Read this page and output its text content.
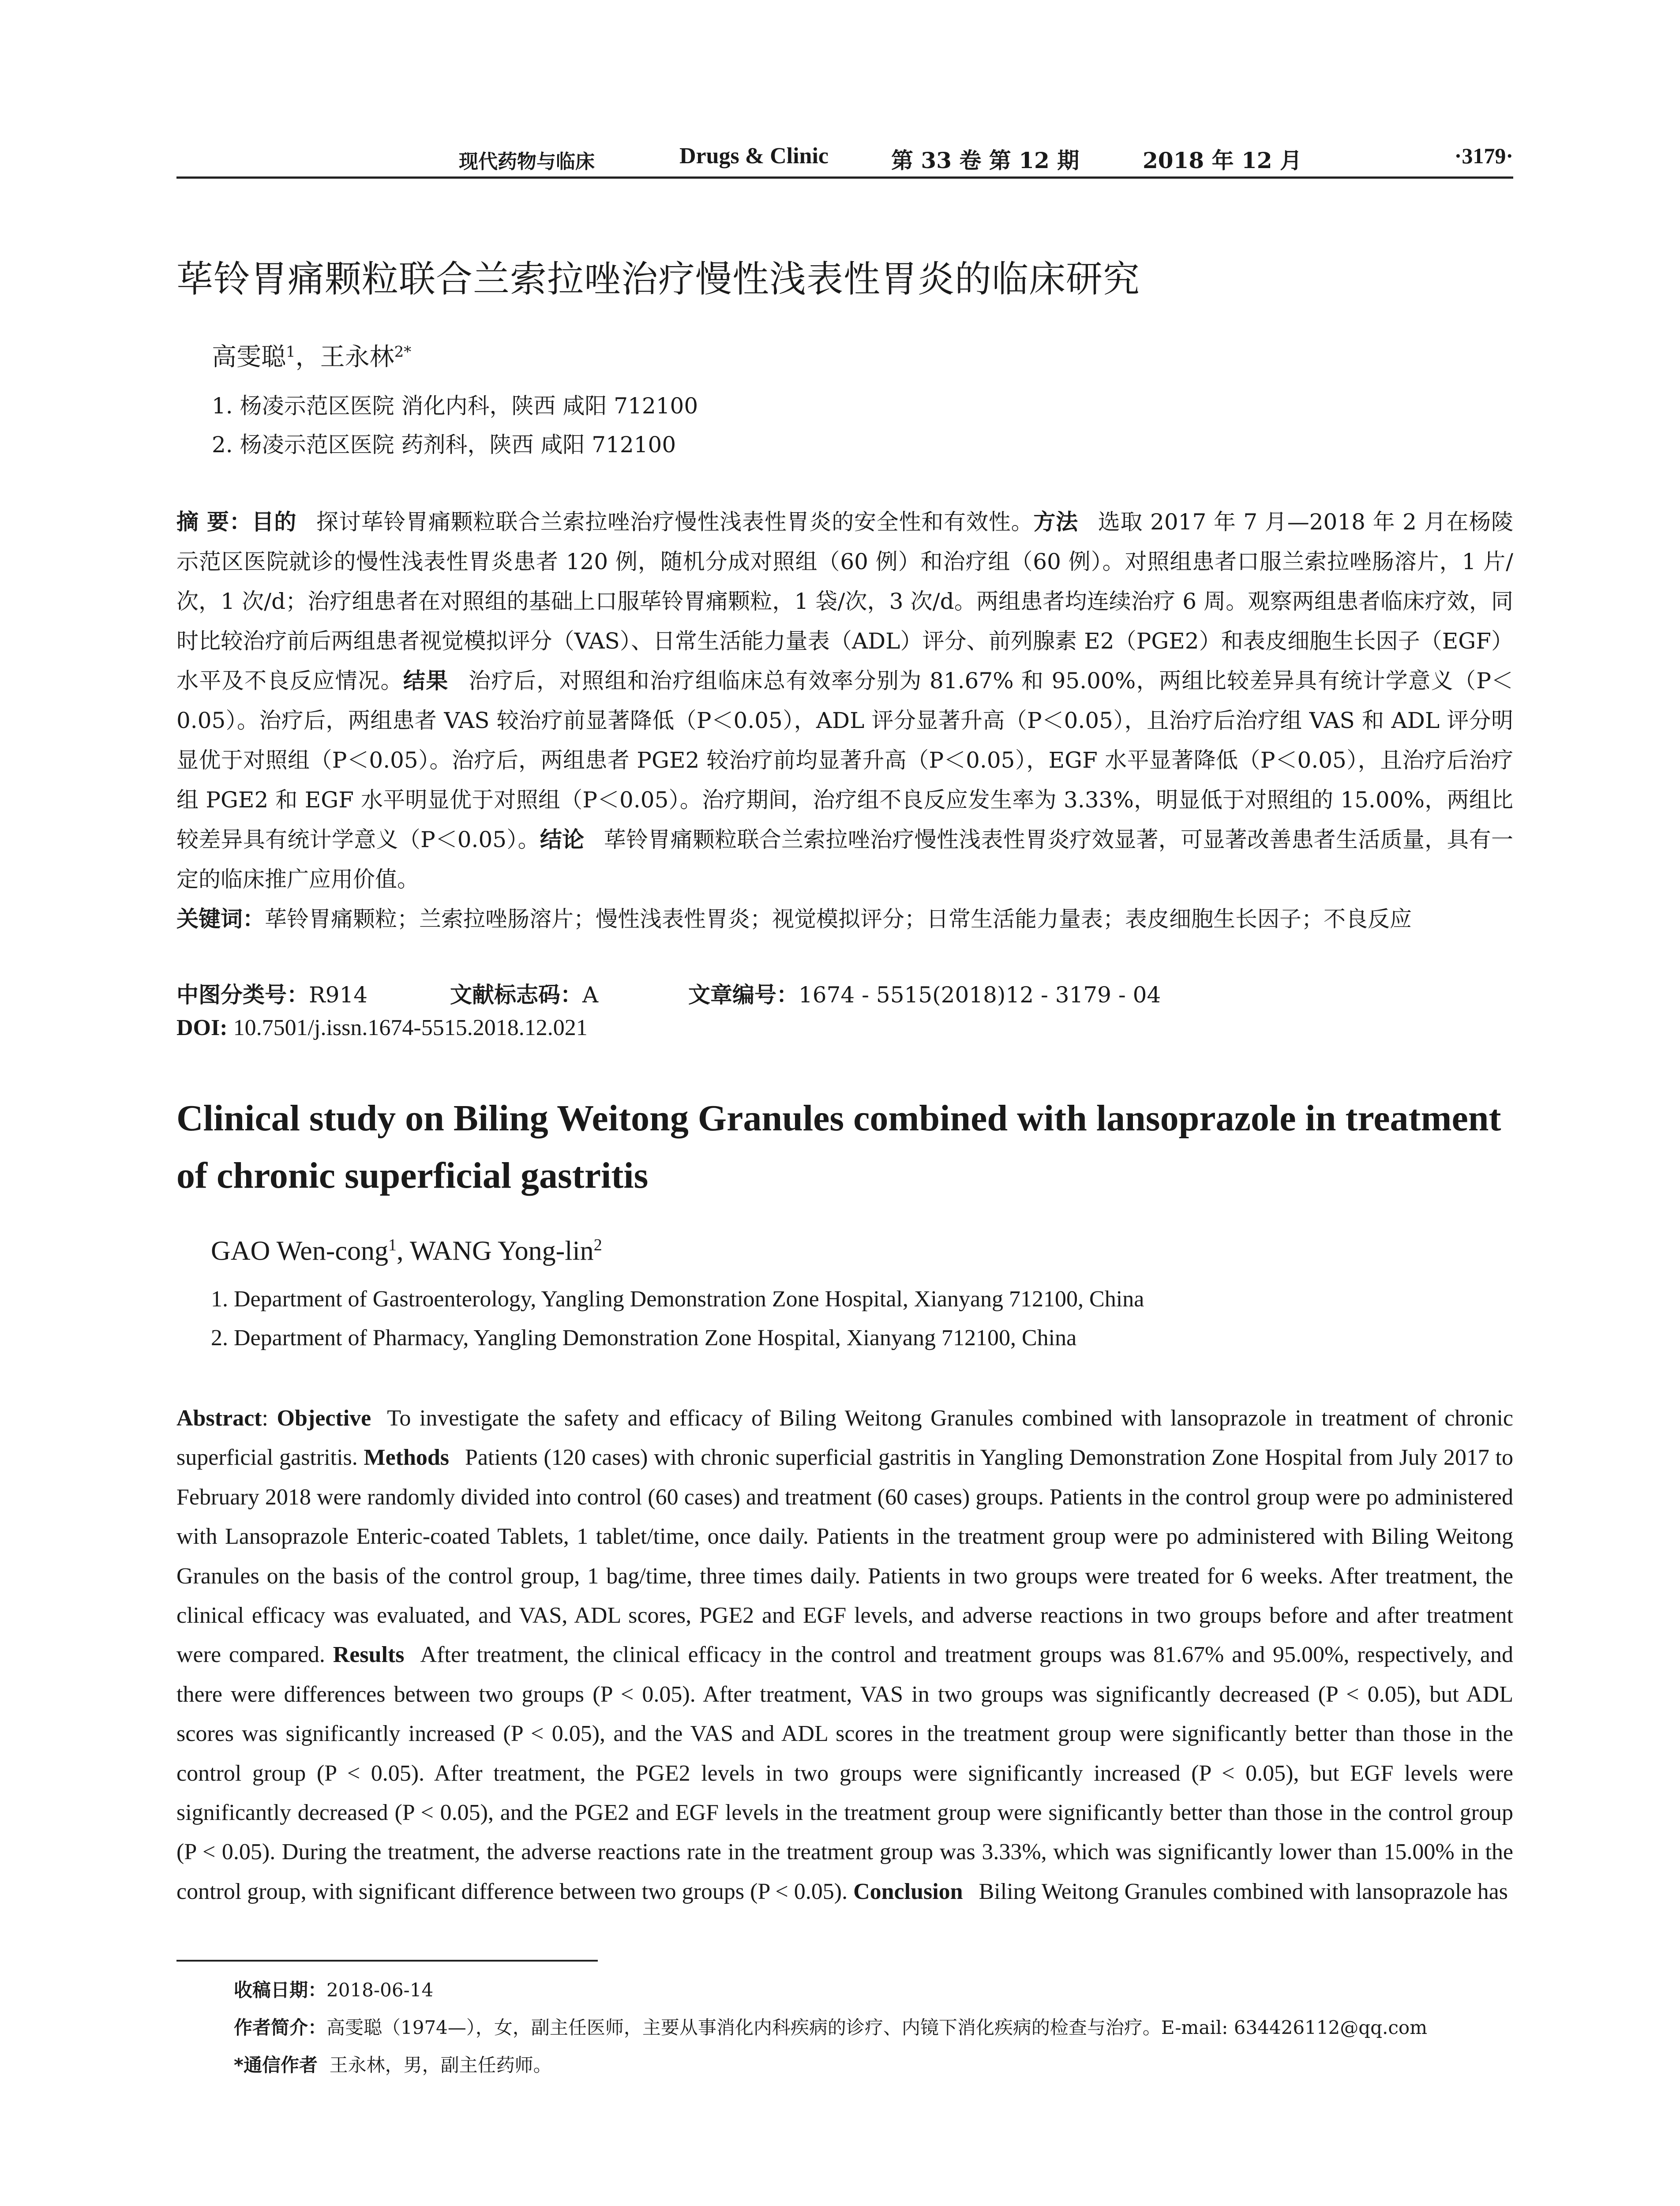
现代药物与临床	Drugs & Clinic	第 33 卷 第 12 期	2018 年 12 月	·3179·
荜铃胃痛颗粒联合兰索拉唑治疗慢性浅表性胃炎的临床研究
高雯聪$^1$，王永林$^{2*}$
1. 杨凌示范区医院 消化内科，陕西 咸阳 712100
2. 杨凌示范区医院 药剂科，陕西 咸阳 712100
摘 要：目的 探讨荜铃胃痛颗粒联合兰索拉唑治疗慢性浅表性胃炎的安全性和有效性。方法 选取 2017 年 7 月—2018 年 2 月在杨陵示范区医院就诊的慢性浅表性胃炎患者 120 例，随机分成对照组（60 例）和治疗组（60 例）。对照组患者口服兰索拉唑肠溶片，1 片/次，1 次/d；治疗组患者在对照组的基础上口服荜铃胃痛颗粒，1 袋/次，3 次/d。两组患者均连续治疗 6 周。观察两组患者临床疗效，同时比较治疗前后两组患者视觉模拟评分（VAS）、日常生活能力量表（ADL）评分、前列腺素 E2（PGE2）和表皮细胞生长因子（EGF）水平及不良反应情况。结果 治疗后，对照组和治疗组临床总有效率分别为 81.67% 和 95.00%，两组比较差异具有统计学意义（P＜0.05）。治疗后，两组患者 VAS 较治疗前显著降低（P＜0.05），ADL 评分显著升高（P＜0.05），且治疗后治疗组 VAS 和 ADL 评分明显优于对照组（P＜0.05）。治疗后，两组患者 PGE2 较治疗前均显著升高（P＜0.05），EGF 水平显著降低（P＜0.05），且治疗后治疗组 PGE2 和 EGF 水平明显优于对照组（P＜0.05）。治疗期间，治疗组不良反应发生率为 3.33%，明显低于对照组的 15.00%，两组比较差异具有统计学意义（P＜0.05）。结论 荜铃胃痛颗粒联合兰索拉唑治疗慢性浅表性胃炎疗效显著，可显著改善患者生活质量，具有一定的临床推广应用价值。
关键词：荜铃胃痛颗粒；兰索拉唑肠溶片；慢性浅表性胃炎；视觉模拟评分；日常生活能力量表；表皮细胞生长因子；不良反应
中图分类号：R914	文献标志码：A	文章编号：1674 - 5515(2018)12 - 3179 - 04
DOI: 10.7501/j.issn.1674-5515.2018.12.021
Clinical study on Biling Weitong Granules combined with lansoprazole in treatment of chronic superficial gastritis
GAO Wen-cong$^1$, WANG Yong-lin$^2$
1. Department of Gastroenterology, Yangling Demonstration Zone Hospital, Xianyang 712100, China
2. Department of Pharmacy, Yangling Demonstration Zone Hospital, Xianyang 712100, China
Abstract: Objective To investigate the safety and efficacy of Biling Weitong Granules combined with lansoprazole in treatment of chronic superficial gastritis. Methods Patients (120 cases) with chronic superficial gastritis in Yangling Demonstration Zone Hospital from July 2017 to February 2018 were randomly divided into control (60 cases) and treatment (60 cases) groups. Patients in the control group were po administered with Lansoprazole Enteric-coated Tablets, 1 tablet/time, once daily. Patients in the treatment group were po administered with Biling Weitong Granules on the basis of the control group, 1 bag/time, three times daily. Patients in two groups were treated for 6 weeks. After treatment, the clinical efficacy was evaluated, and VAS, ADL scores, PGE2 and EGF levels, and adverse reactions in two groups before and after treatment were compared. Results After treatment, the clinical efficacy in the control and treatment groups was 81.67% and 95.00%, respectively, and there were differences between two groups (P < 0.05). After treatment, VAS in two groups was significantly decreased (P < 0.05), but ADL scores was significantly increased (P < 0.05), and the VAS and ADL scores in the treatment group were significantly better than those in the control group (P < 0.05). After treatment, the PGE2 levels in two groups were significantly increased (P < 0.05), but EGF levels were significantly decreased (P < 0.05), and the PGE2 and EGF levels in the treatment group were significantly better than those in the control group (P < 0.05). During the treatment, the adverse reactions rate in the treatment group was 3.33%, which was significantly lower than 15.00% in the control group, with significant difference between two groups (P < 0.05). Conclusion Biling Weitong Granules combined with lansoprazole has
收稿日期：2018-06-14
作者简介：高雯聪（1974—），女，副主任医师，主要从事消化内科疾病的诊疗、内镜下消化疾病的检查与治疗。E-mail: 634426112@qq.com
*通信作者 王永林，男，副主任药师。
